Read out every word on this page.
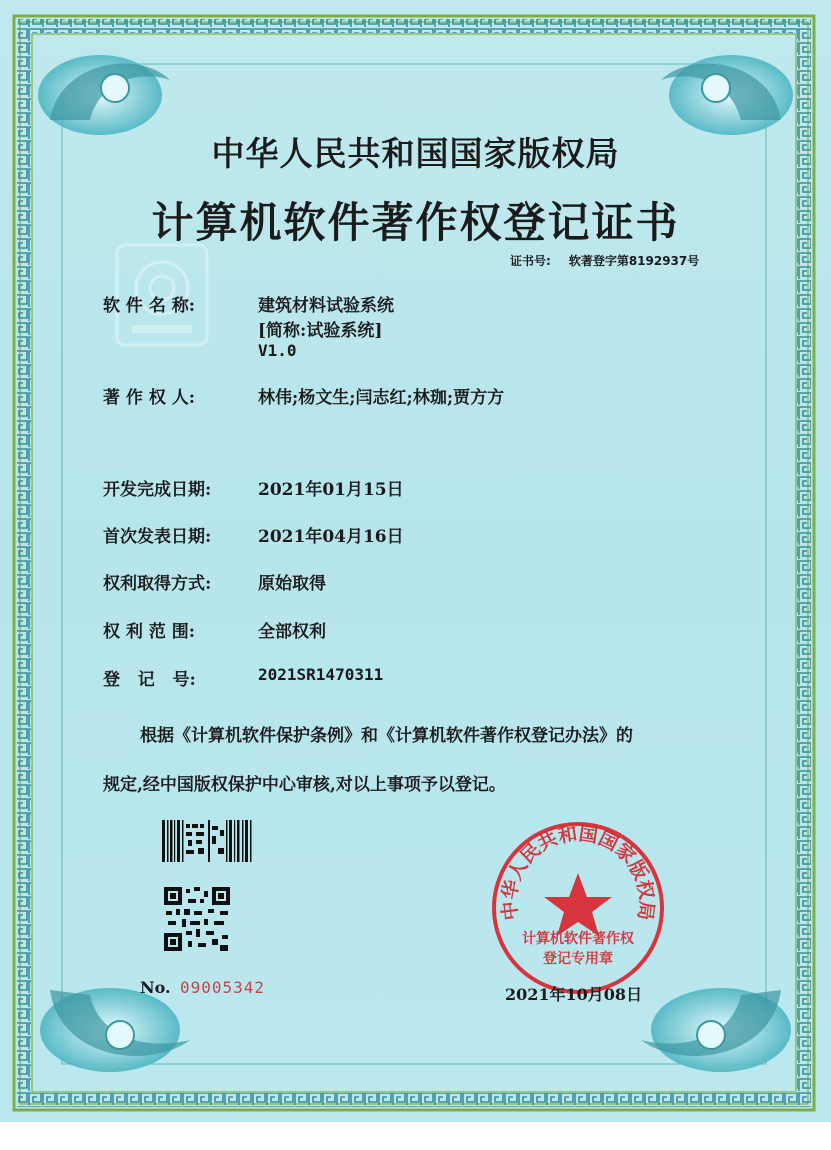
中华人民共和国国家版权局
计算机软件著作权登记证书
证书号: 软著登字第8192937号
软 件 名 称:	建筑材料试验系统
[简称:试验系统]
V1.0
著 作 权 人:	林伟;杨文生;闫志红;林珈;贾方方
开发完成日期:	2021年01月15日
首次发表日期:	2021年04月16日
权利取得方式:	原始取得
权 利 范 围:	全部权利
登   记   号:	2021SR1470311
根据《计算机软件保护条例》和《计算机软件著作权登记办法》的
规定,经中国版权保护中心审核,对以上事项予以登记。
No. 09005342
中华人民共和国国家版权局
计算机软件著作权
登记专用章
2021年10月08日
